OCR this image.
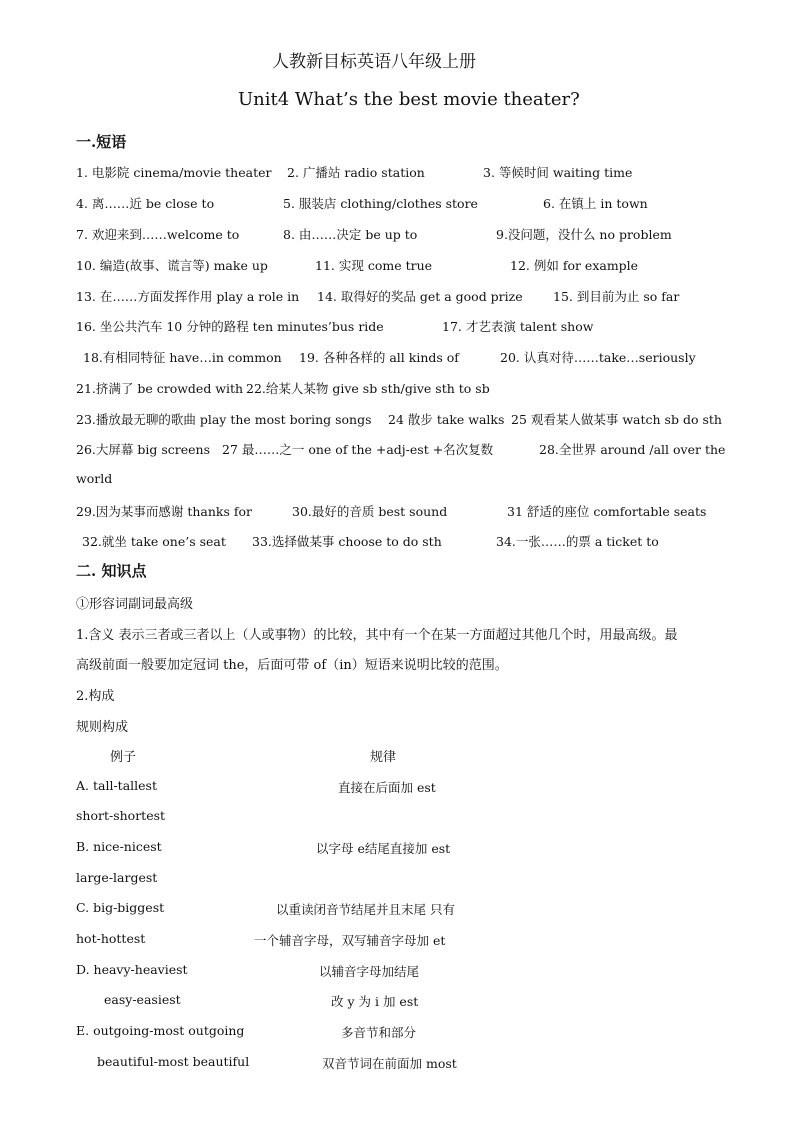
人教新目标英语八年级上册
Unit4 What’s the best movie theater?
一.短语
1. 电影院 cinema/movie theater 2. 广播站 radio station	3. 等候时间 waiting time
4. 离……近 be close to	5. 服装店 clothing/clothes store	6. 在镇上 in town
7. 欢迎来到……welcome to	8. 由……决定 be up to	9.没问题，没什么 no problem
10. 编造(故事、谎言等) make up	11. 实现 come true	12. 例如 for example
13. 在……方面发挥作用 play a role in 14. 取得好的奖品 get a good prize 15. 到目前为止 so far
16. 坐公共汽车 10 分钟的路程 ten minutes’bus ride	17. 才艺表演 talent show
18.有相同特征 have…in common 19. 各种各样的 all kinds of	20. 认真对待……take…seriously
21.挤满了 be crowded with 22.给某人某物 give sb sth/give sth to sb
23.播放最无聊的歌曲 play the most boring songs 24 散步 take walks 25 观看某人做某事 watch sb do sth
26.大屏幕 big screens 27 最……之一 one of the +adj-est +名次复数	28.全世界 around /all over the
world
29.因为某事而感谢 thanks for	30.最好的音质 best sound	31 舒适的座位 comfortable seats
32.就坐 take one’s seat 33.选择做某事 choose to do sth	34.一张……的票 a ticket to
二. 知识点
①形容词副词最高级
1.含义 表示三者或三者以上（人或事物）的比较，其中有一个在某一方面超过其他几个时，用最高级。最
高级前面一般要加定冠词 the，后面可带 of（in）短语来说明比较的范围。
2.构成
规则构成
例子	规律
A. tall-tallest	直接在后面加 est
short-shortest
B. nice-nicest	以字母 e结尾直接加 est
large-largest
C. big-biggest	以重读闭音节结尾并且末尾 只有
hot-hottest	一个辅音字母，双写辅音字母加 et
D. heavy-heaviest	以辅音字母加结尾
easy-easiest	改 y 为 i 加 est
E. outgoing-most outgoing	多音节和部分
beautiful-most beautiful	双音节词在前面加 most
